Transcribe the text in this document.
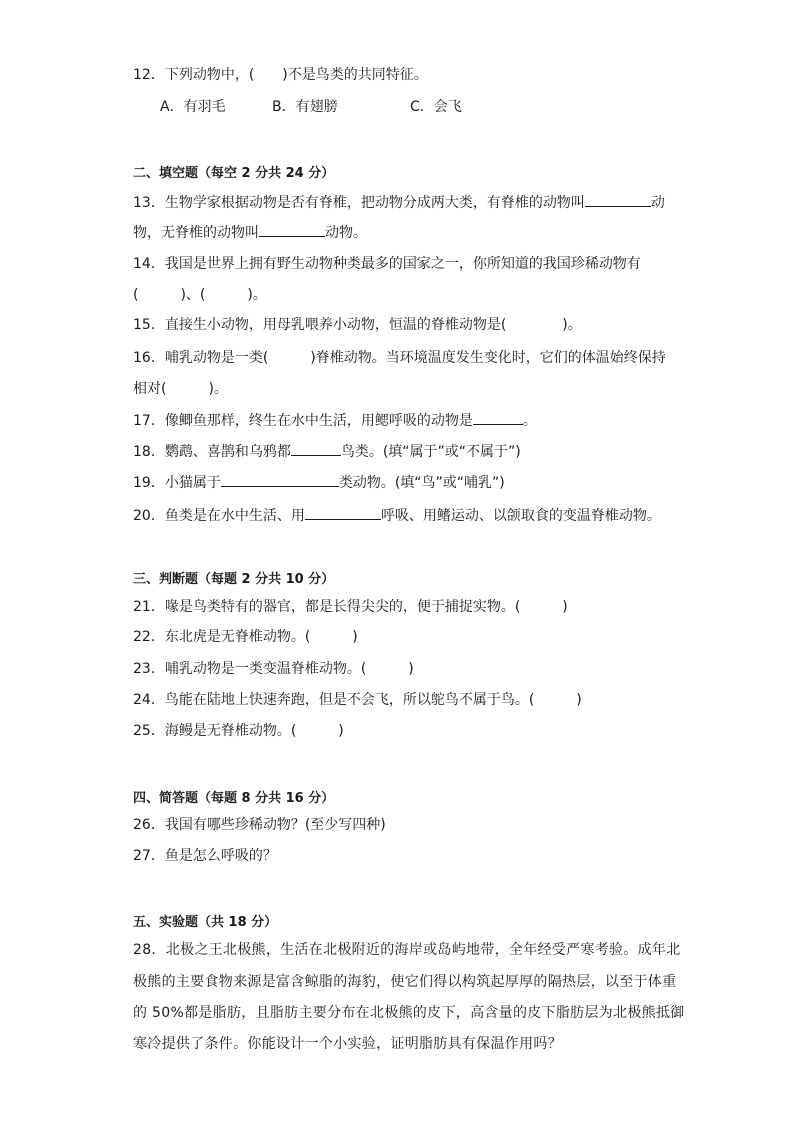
12．下列动物中，(　　)不是鸟类的共同特征。
A．有羽毛	B．有翅膀	C．会飞
二、填空题（每空 2 分共 24 分）
13．生物学家根据动物是否有脊椎，把动物分成两大类，有脊椎的动物叫	动
物，无脊椎的动物叫	动物。
14．我国是世界上拥有野生动物种类最多的国家之一，你所知道的我国珍稀动物有
(　　　)、(　　　)。
15．直接生小动物，用母乳喂养小动物，恒温的脊椎动物是(　　　　)。
16．哺乳动物是一类(　　　)脊椎动物。当环境温度发生变化时，它们的体温始终保持
相对(　　　)。
17．像鲫鱼那样，终生在水中生活，用鳃呼吸的动物是	。
18．鹦鹉、喜鹊和乌鸦都	鸟类。(填“属于”或“不属于”)
19．小猫属于	类动物。(填“鸟”或“哺乳”)
20．鱼类是在水中生活、用	呼吸、用鳍运动、以颌取食的变温脊椎动物。
三、判断题（每题 2 分共 10 分）
21．喙是鸟类特有的器官，都是长得尖尖的，便于捕捉实物。(　　　)
22．东北虎是无脊椎动物。(　　　)
23．哺乳动物是一类变温脊椎动物。(　　　)
24．鸟能在陆地上快速奔跑，但是不会飞，所以鸵鸟不属于鸟。(　　　)
25．海鳗是无脊椎动物。(　　　)
四、简答题（每题 8 分共 16 分）
26．我国有哪些珍稀动物？(至少写四种)
27．鱼是怎么呼吸的？
五、实验题（共 18 分）
28．北极之王北极熊，生活在北极附近的海岸或岛屿地带，全年经受严寒考验。成年北
极熊的主要食物来源是富含鲸脂的海豹，使它们得以构筑起厚厚的隔热层，以至于体重
的 50%都是脂肪，且脂肪主要分布在北极熊的皮下，高含量的皮下脂肪层为北极熊抵御
寒冷提供了条件。你能设计一个小实验，证明脂肪具有保温作用吗？
